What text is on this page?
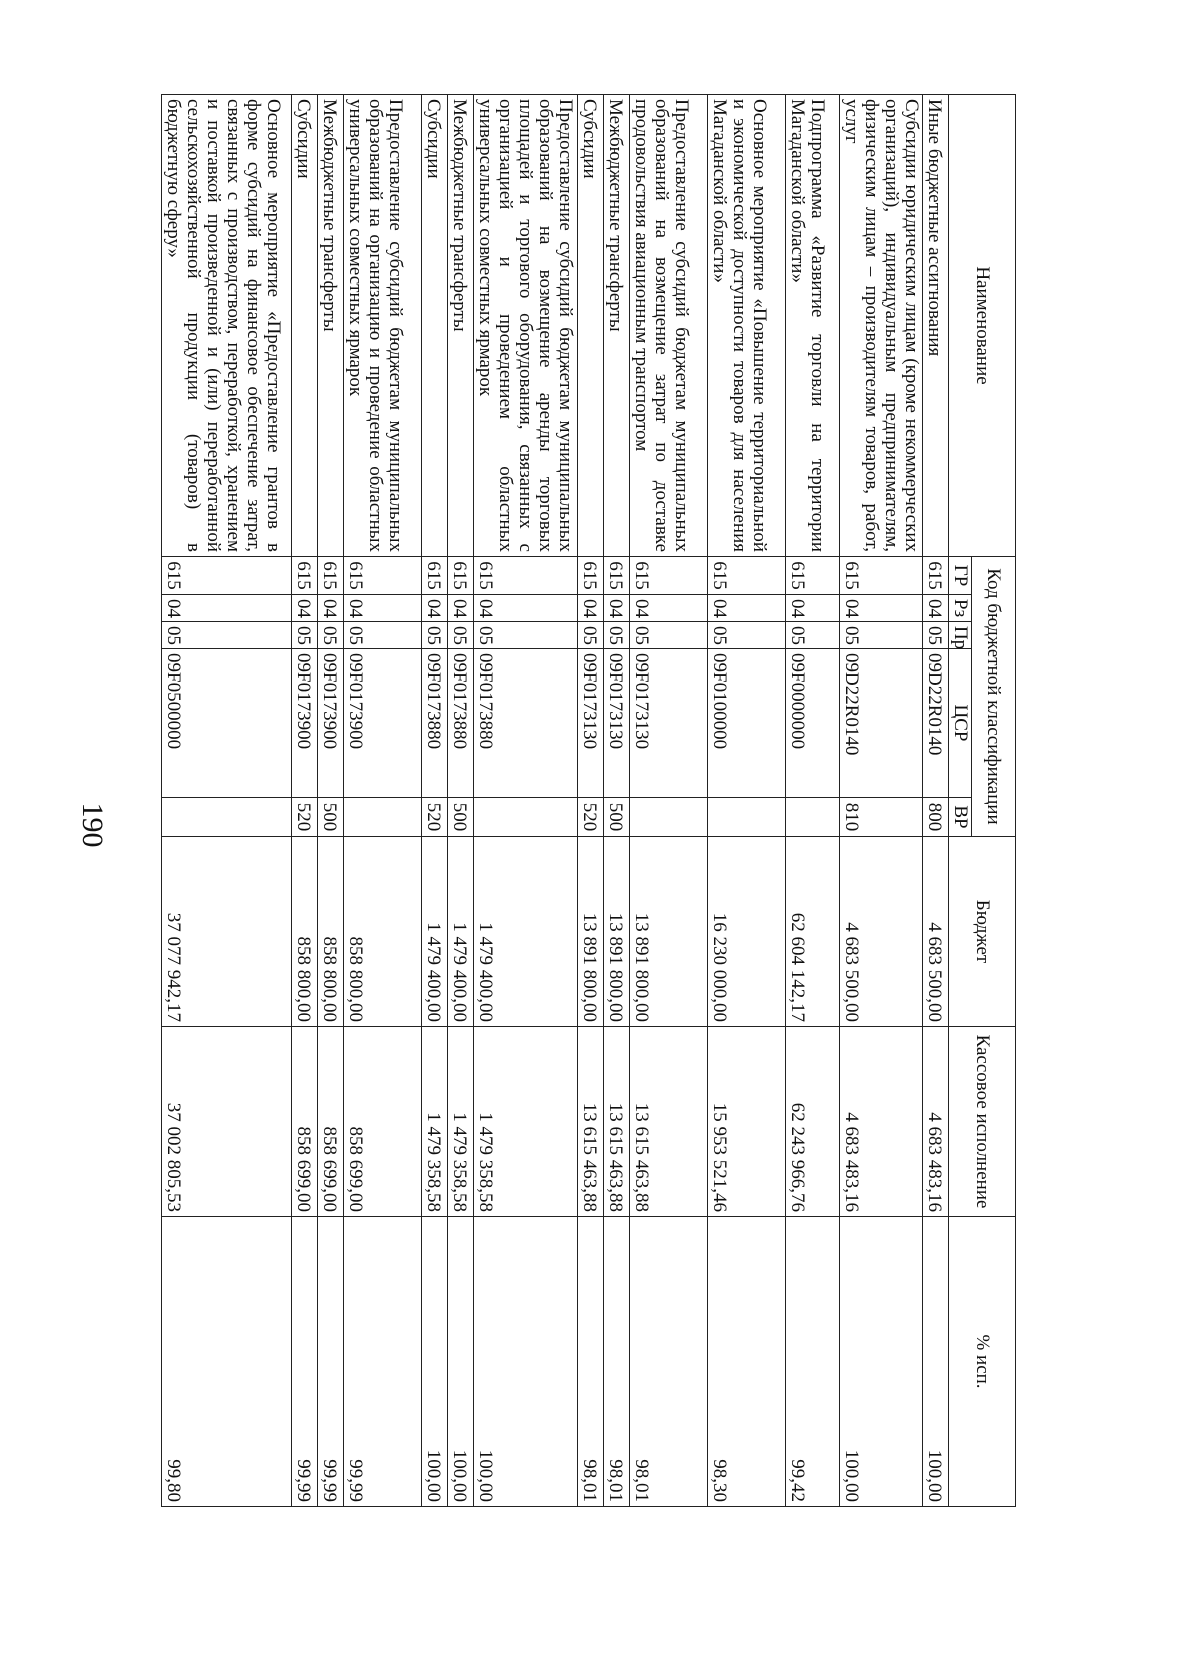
190
Наименование	Код бюджетной классификации					Бюджет	Кассовое исполнение	% исп.
	ГР	Рз	Пр	ЦСР	ВР			
Иные бюджетные ассигнования	615	04	05	09D22R0140	800	4 683 500,00	4 683 483,16	100,00
Субсидии юридическим лицам (кроме некоммерческих организаций), индивидуальным предпринимателям, физическим лицам – производителям товаров, работ, услуг	615	04	05	09D22R0140	810	4 683 500,00	4 683 483,16	100,00
Подпрограмма «Развитие торговли на территории Магаданской области»	615	04	05	09F0000000		62 604 142,17	62 243 966,76	99,42
Основное мероприятие «Повышение территориальной и экономической доступности товаров для населения Магаданской области»	615	04	05	09F0100000		16 230 000,00	15 953 521,46	98,30
Предоставление субсидий бюджетам муниципальных образований на возмещение затрат по доставке продовольствия авиационным транспортом	615	04	05	09F0173130		13 891 800,00	13 615 463,88	98,01
Межбюджетные трансферты	615	04	05	09F0173130	500	13 891 800,00	13 615 463,88	98,01
Субсидии	615	04	05	09F0173130	520	13 891 800,00	13 615 463,88	98,01
Предоставление субсидий бюджетам муниципальных образований на возмещение аренды торговых площадей и торгового оборудования, связанных с организацией и проведением областных универсальных совместных ярмарок	615	04	05	09F0173880		1 479 400,00	1 479 358,58	100,00
Межбюджетные трансферты	615	04	05	09F0173880	500	1 479 400,00	1 479 358,58	100,00
Субсидии	615	04	05	09F0173880	520	1 479 400,00	1 479 358,58	100,00
Предоставление субсидий бюджетам муниципальных образований на организацию и проведение областных универсальных совместных ярмарок	615	04	05	09F0173900		858 800,00	858 699,00	99,99
Межбюджетные трансферты	615	04	05	09F0173900	500	858 800,00	858 699,00	99,99
Субсидии	615	04	05	09F0173900	520	858 800,00	858 699,00	99,99
Основное мероприятие «Предоставление грантов в форме субсидий на финансовое обеспечение затрат, связанных с производством, переработкой, хранением и поставкой произведенной и (или) переработанной сельскохозяйственной продукции (товаров) в бюджетную сферу»	615	04	05	09F0500000		37 077 942,17	37 002 805,53	99,80
